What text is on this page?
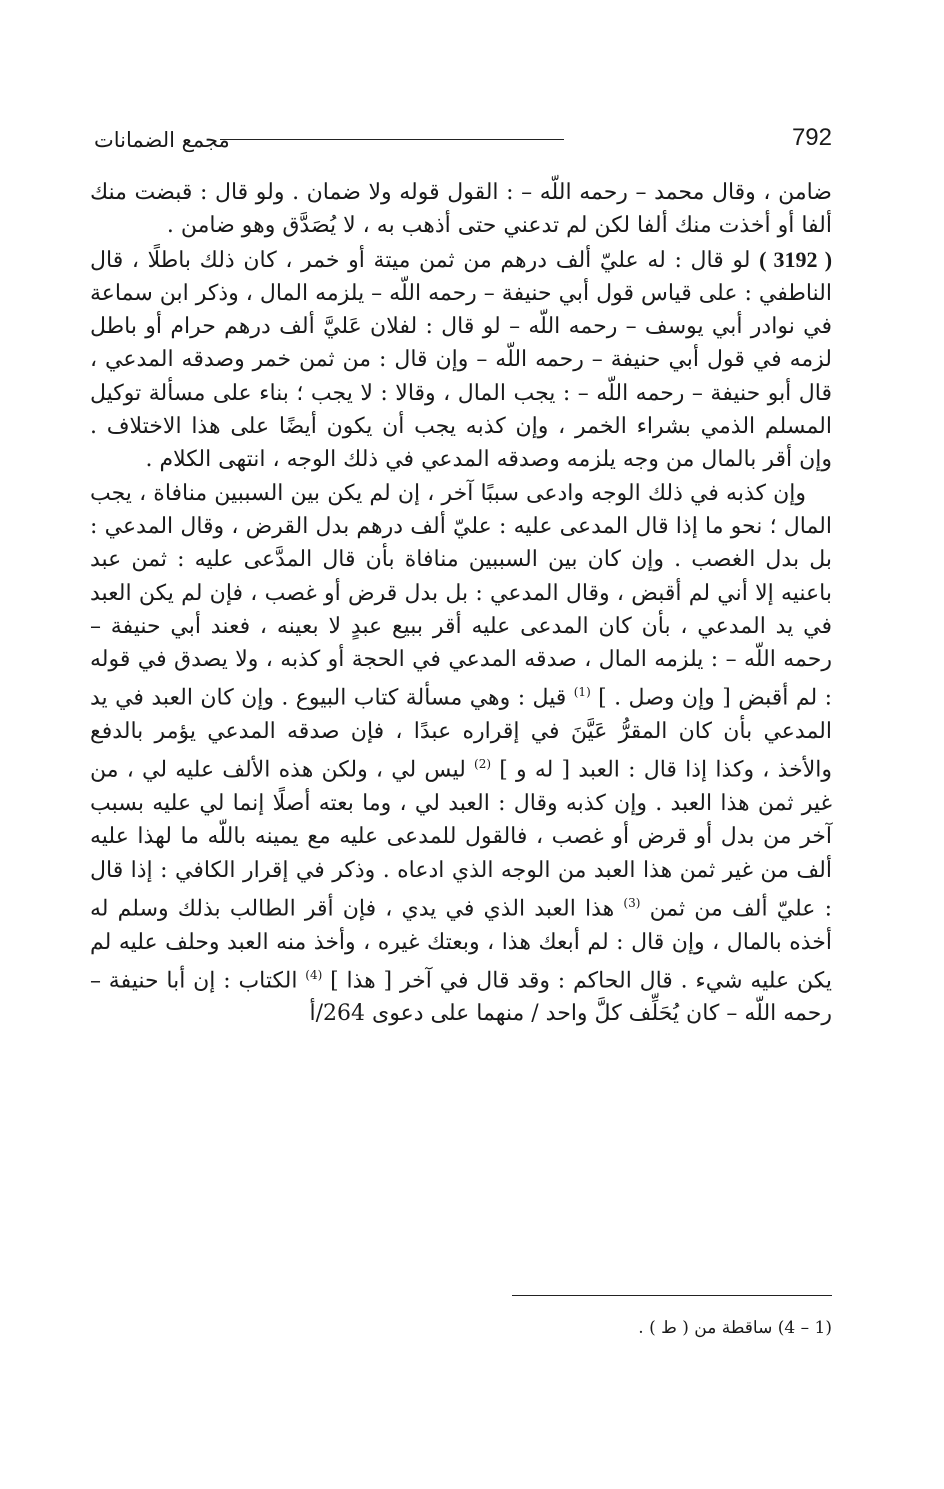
792
مجمع الضمانات

ضامن ، وقال محمد – رحمه اللّه – : القول قوله ولا ضمان . ولو قال : قبضت منك ألفا أو أخذت منك ألفا لكن لم تدعني حتى أذهب به ، لا يُصَدَّق وهو ضامن .

( 3192 ) لو قال : له عليّ ألف درهم من ثمن ميتة أو خمر ، كان ذلك باطلًا ، قال الناطفي : على قياس قول أبي حنيفة – رحمه اللّه – يلزمه المال ، وذكر ابن سماعة في نوادر أبي يوسف – رحمه اللّه – لو قال : لفلان عَليَّ ألف درهم حرام أو باطل لزمه في قول أبي حنيفة – رحمه اللّه – وإن قال : من ثمن خمر وصدقه المدعي ، قال أبو حنيفة – رحمه اللّه – : يجب المال ، وقالا : لا يجب ؛ بناء على مسألة توكيل المسلم الذمي بشراء الخمر ، وإن كذبه يجب أن يكون أيضًا على هذا الاختلاف . وإن أقر بالمال من وجه يلزمه وصدقه المدعي في ذلك الوجه ، انتهى الكلام .

وإن كذبه في ذلك الوجه وادعى سببًا آخر ، إن لم يكن بين السببين منافاة ، يجب المال ؛ نحو ما إذا قال المدعى عليه : عليّ ألف درهم بدل القرض ، وقال المدعي : بل بدل الغصب . وإن كان بين السببين منافاة بأن قال المدَّعى عليه : ثمن عبد باعنيه إلا أني لم أقبض ، وقال المدعي : بل بدل قرض أو غصب ، فإن لم يكن العبد في يد المدعي ، بأن كان المدعى عليه أقر ببيع عبدٍ لا بعينه ، فعند أبي حنيفة – رحمه اللّه – : يلزمه المال ، صدقه المدعي في الحجة أو كذبه ، ولا يصدق في قوله : لم أقبض [ وإن وصل . ] $^{(1)}$ قيل : وهي مسألة كتاب البيوع . وإن كان العبد في يد المدعي بأن كان المقرُّ عَيَّنَ في إقراره عبدًا ، فإن صدقه المدعي يؤمر بالدفع والأخذ ، وكذا إذا قال : العبد [ له و ] $^{(2)}$ ليس لي ، ولكن هذه الألف عليه لي ، من غير ثمن هذا العبد . وإن كذبه وقال : العبد لي ، وما بعته أصلًا إنما لي عليه بسبب آخر من بدل أو قرض أو غصب ، فالقول للمدعى عليه مع يمينه باللّه ما لهذا عليه ألف من غير ثمن هذا العبد من الوجه الذي ادعاه . وذكر في إقرار الكافي : إذا قال : عليّ ألف من ثمن $^{(3)}$ هذا العبد الذي في يدي ، فإن أقر الطالب بذلك وسلم له أخذه بالمال ، وإن قال : لم أبعك هذا ، وبعتك غيره ، وأخذ منه العبد وحلف عليه لم يكن عليه شيء . قال الحاكم : وقد قال في آخر [ هذا ] $^{(4)}$ الكتاب : إن أبا حنيفة – رحمه اللّه – كان يُحَلِّف كلَّ واحد / منهما على دعوى 264/أ

(1 – 4) ساقطة من ( ط ) .
